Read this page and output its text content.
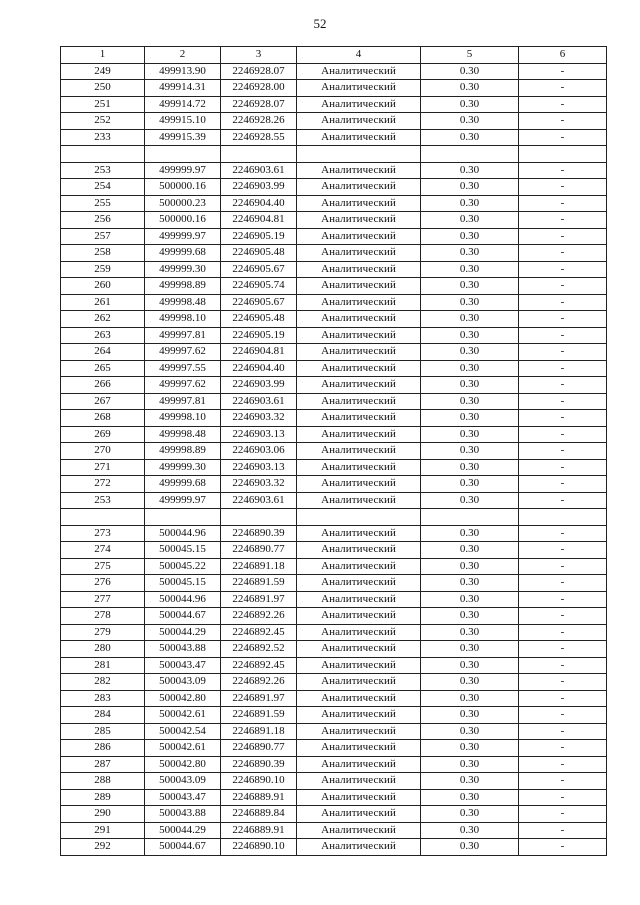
52
1	2	3	4	5	6
249	499913.90	2246928.07	Аналитический	0.30	-
250	499914.31	2246928.00	Аналитический	0.30	-
251	499914.72	2246928.07	Аналитический	0.30	-
252	499915.10	2246928.26	Аналитический	0.30	-
233	499915.39	2246928.55	Аналитический	0.30	-

253	499999.97	2246903.61	Аналитический	0.30	-
254	500000.16	2246903.99	Аналитический	0.30	-
255	500000.23	2246904.40	Аналитический	0.30	-
256	500000.16	2246904.81	Аналитический	0.30	-
257	499999.97	2246905.19	Аналитический	0.30	-
258	499999.68	2246905.48	Аналитический	0.30	-
259	499999.30	2246905.67	Аналитический	0.30	-
260	499998.89	2246905.74	Аналитический	0.30	-
261	499998.48	2246905.67	Аналитический	0.30	-
262	499998.10	2246905.48	Аналитический	0.30	-
263	499997.81	2246905.19	Аналитический	0.30	-
264	499997.62	2246904.81	Аналитический	0.30	-
265	499997.55	2246904.40	Аналитический	0.30	-
266	499997.62	2246903.99	Аналитический	0.30	-
267	499997.81	2246903.61	Аналитический	0.30	-
268	499998.10	2246903.32	Аналитический	0.30	-
269	499998.48	2246903.13	Аналитический	0.30	-
270	499998.89	2246903.06	Аналитический	0.30	-
271	499999.30	2246903.13	Аналитический	0.30	-
272	499999.68	2246903.32	Аналитический	0.30	-
253	499999.97	2246903.61	Аналитический	0.30	-

273	500044.96	2246890.39	Аналитический	0.30	-
274	500045.15	2246890.77	Аналитический	0.30	-
275	500045.22	2246891.18	Аналитический	0.30	-
276	500045.15	2246891.59	Аналитический	0.30	-
277	500044.96	2246891.97	Аналитический	0.30	-
278	500044.67	2246892.26	Аналитический	0.30	-
279	500044.29	2246892.45	Аналитический	0.30	-
280	500043.88	2246892.52	Аналитический	0.30	-
281	500043.47	2246892.45	Аналитический	0.30	-
282	500043.09	2246892.26	Аналитический	0.30	-
283	500042.80	2246891.97	Аналитический	0.30	-
284	500042.61	2246891.59	Аналитический	0.30	-
285	500042.54	2246891.18	Аналитический	0.30	-
286	500042.61	2246890.77	Аналитический	0.30	-
287	500042.80	2246890.39	Аналитический	0.30	-
288	500043.09	2246890.10	Аналитический	0.30	-
289	500043.47	2246889.91	Аналитический	0.30	-
290	500043.88	2246889.84	Аналитический	0.30	-
291	500044.29	2246889.91	Аналитический	0.30	-
292	500044.67	2246890.10	Аналитический	0.30	-
